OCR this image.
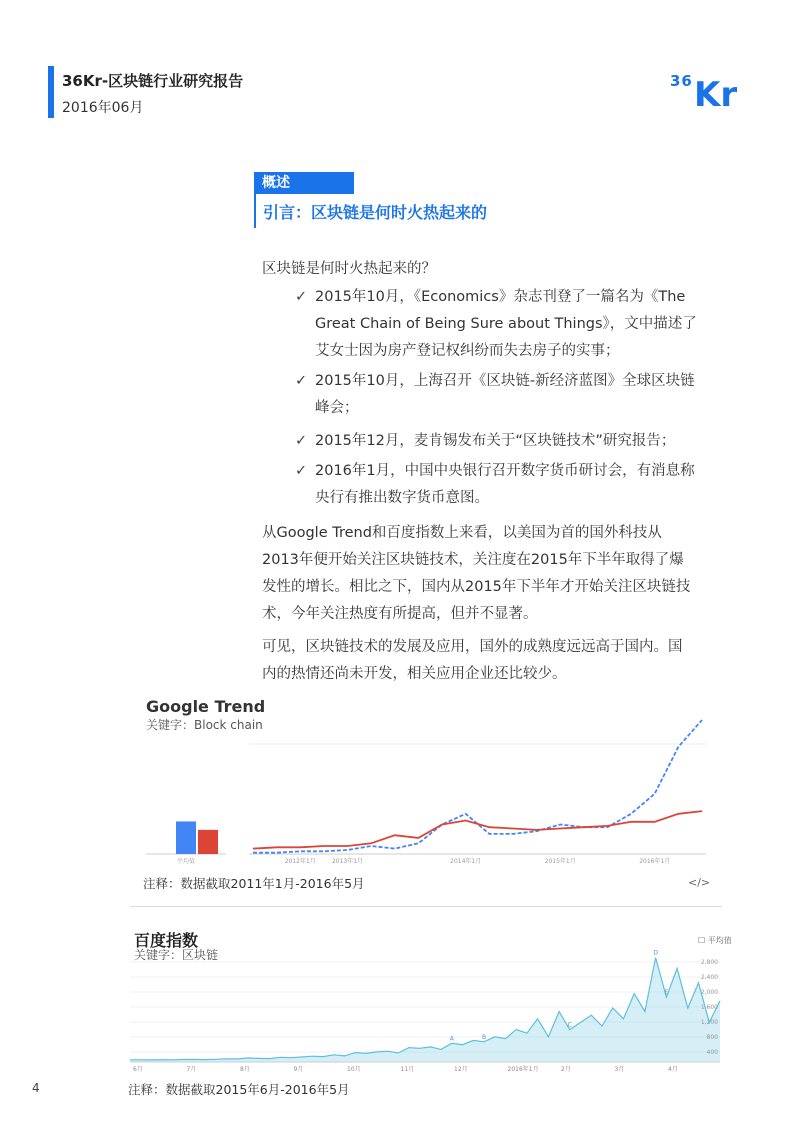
36Kr-区块链行业研究报告
2016年06月
36 Kr
概述
引言：区块链是何时火热起来的
区块链是何时火热起来的？
✓ 2015年10月，《Economics》杂志刊登了一篇名为《The
Great Chain of Being Sure about Things》，文中描述了
艾女士因为房产登记权纠纷而失去房子的实事；
✓ 2015年10月，上海召开《区块链-新经济蓝图》全球区块链
峰会；
✓ 2015年12月，麦肯锡发布关于“区块链技术”研究报告；
✓ 2016年1月，中国中央银行召开数字货币研讨会，有消息称
央行有推出数字货币意图。
从Google Trend和百度指数上来看，以美国为首的国外科技从
2013年便开始关注区块链技术，关注度在2015年下半年取得了爆
发性的增长。相比之下，国内从2015年下半年才开始关注区块链技
术，今年关注热度有所提高，但并不显著。
可见，区块链技术的发展及应用，国外的成熟度远远高于国内。国
内的热情还尚未开发，相关应用企业还比较少。
Google Trend
关键字：Block chain
平均值	2012年1月	2013年1月	2014年1月	2015年1月	2016年1月
注释：数据截取2011年1月-2016年5月	</>
百度指数
关键字：区块链
☐ 平均值
6月	7月	8月	9月	10月	11月	12月	2016年1月	2月	3月	4月
2,800
2,400
2,000
1,600
1,200
800
400
A	B
C
D
E
注释：数据截取2015年6月-2016年5月
4
